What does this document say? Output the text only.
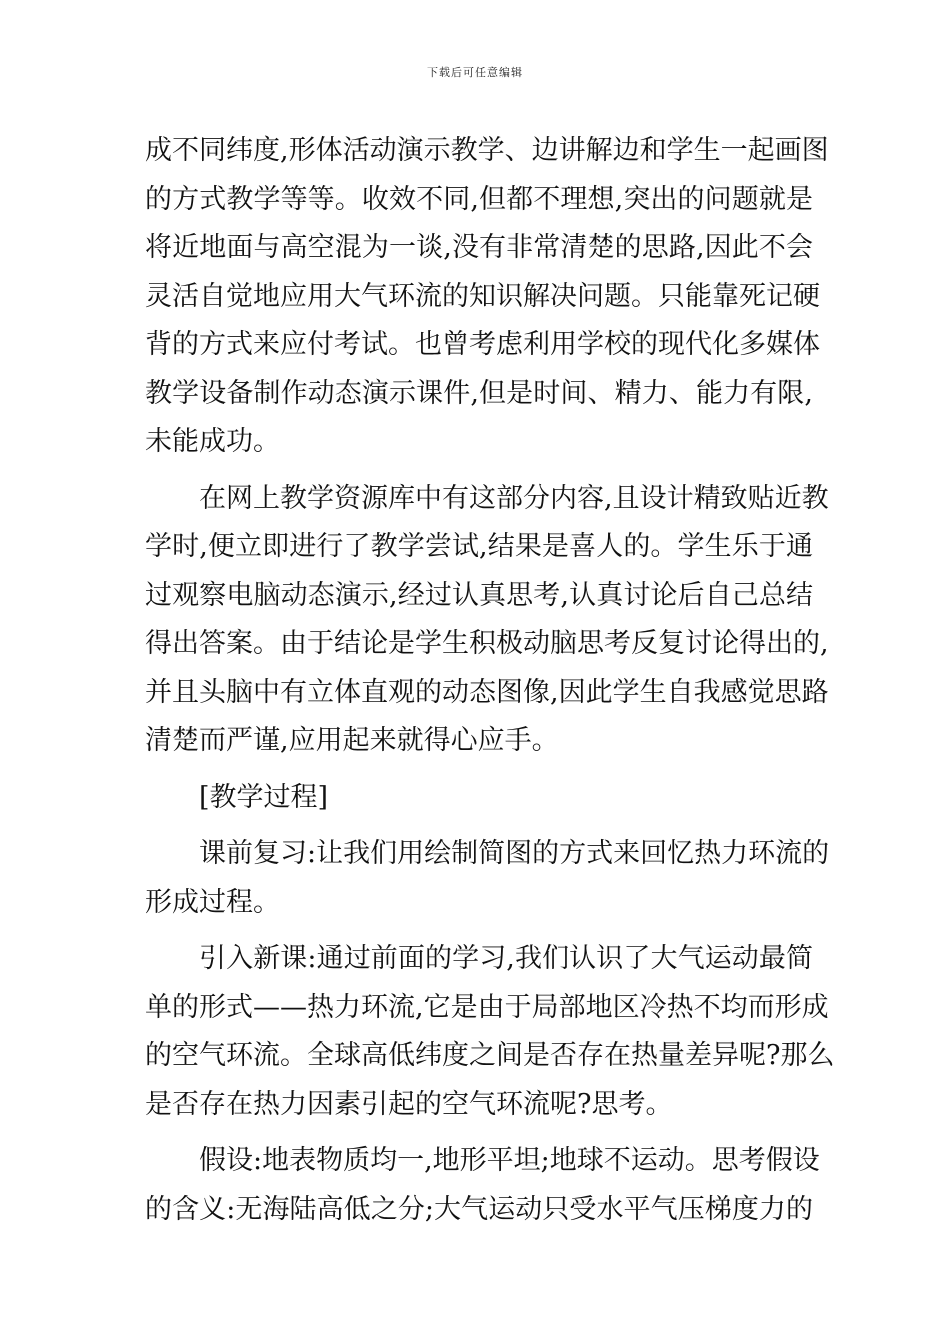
下载后可任意编辑
成不同纬度,形体活动演示教学、边讲解边和学生一起画图
的方式教学等等。收效不同,但都不理想,突出的问题就是
将近地面与高空混为一谈,没有非常清楚的思路,因此不会
灵活自觉地应用大气环流的知识解决问题。只能靠死记硬
背的方式来应付考试。也曾考虑利用学校的现代化多媒体
教学设备制作动态演示课件,但是时间、精力、能力有限,
未能成功。
在网上教学资源库中有这部分内容,且设计精致贴近教
学时,便立即进行了教学尝试,结果是喜人的。学生乐于通
过观察电脑动态演示,经过认真思考,认真讨论后自己总结
得出答案。由于结论是学生积极动脑思考反复讨论得出的,
并且头脑中有立体直观的动态图像,因此学生自我感觉思路
清楚而严谨,应用起来就得心应手。
[教学过程]
课前复习:让我们用绘制简图的方式来回忆热力环流的
形成过程。
引入新课:通过前面的学习,我们认识了大气运动最简
单的形式——热力环流,它是由于局部地区冷热不均而形成
的空气环流。全球高低纬度之间是否存在热量差异呢?那么
是否存在热力因素引起的空气环流呢?思考。
假设:地表物质均一,地形平坦;地球不运动。思考假设
的含义:无海陆高低之分;大气运动只受水平气压梯度力的
